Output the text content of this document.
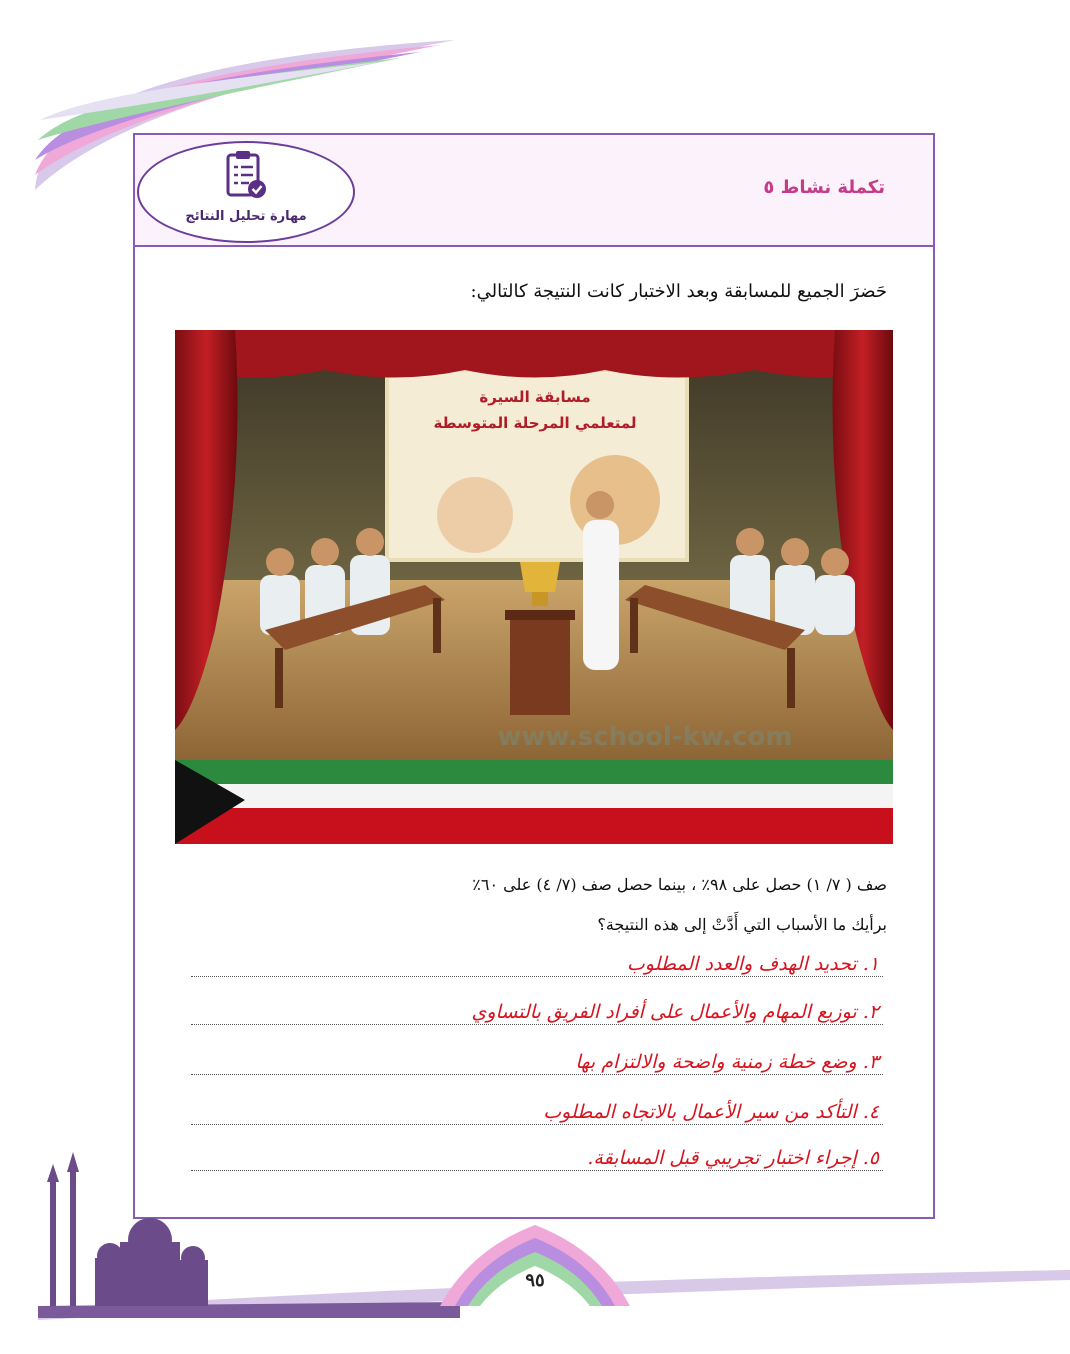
مهارة تحليل النتائج
تكملة نشاط ٥
حَضرَ الجميع للمسابقة وبعد الاختبار كانت النتيجة كالتالي:
مسابقة السيرة
لمتعلمي المرحلة المتوسطة
www.school-kw.com
صف ( ٧/ ١) حصل على ٩٨٪ ، بينما حصل صف (٧/ ٤) على ٦٠٪
برأيك ما الأسباب التي أَدَّتْ إلى هذه النتيجة؟
١. تحديد الهدف والعدد المطلوب
٢. توزيع المهام والأعمال على أفراد الفريق بالتساوي
٣. وضع خطة زمنية واضحة والالتزام بها
٤. التأكد من سير الأعمال بالاتجاه المطلوب
٥. إجراء اختبار تجريبي قبل المسابقة.
٩٥
